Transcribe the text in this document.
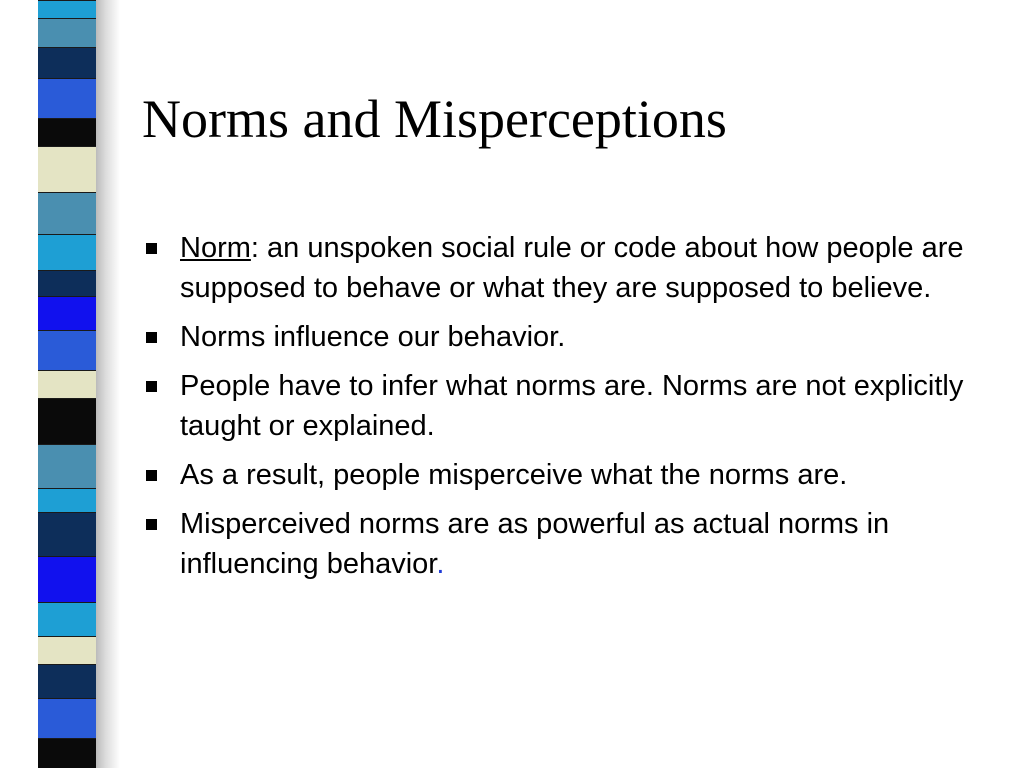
Norms and Misperceptions
Norm: an unspoken social rule or code about how people are supposed to behave or what they are supposed to believe.
Norms influence our behavior.
People have to infer what norms are. Norms are not explicitly taught or explained.
As a result, people misperceive what the norms are.
Misperceived norms are as powerful as actual norms in influencing behavior.
